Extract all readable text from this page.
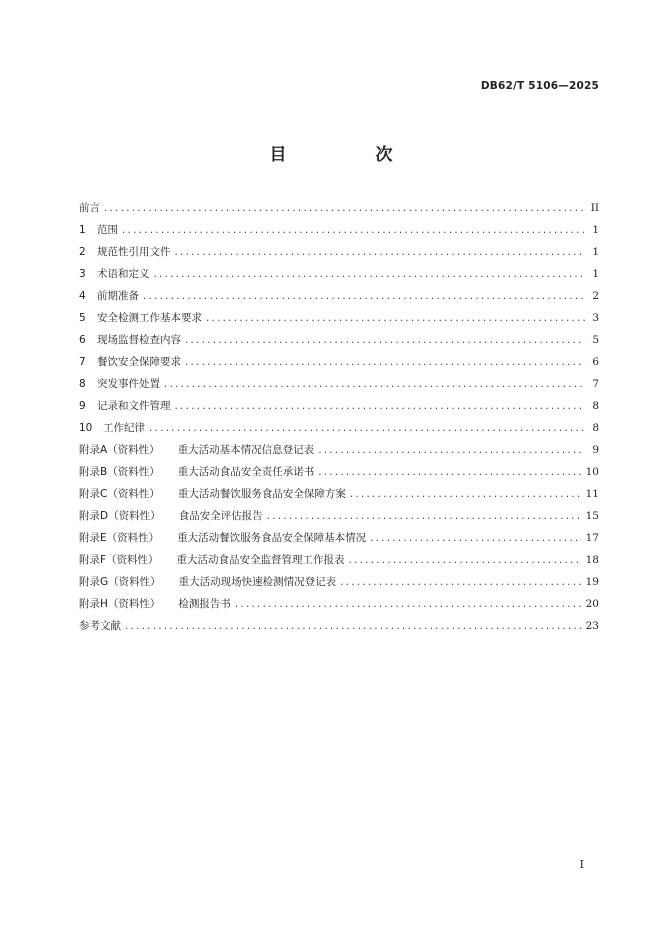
DB62/T 5106—2025
目　次
前言 .....	II
1 范围 .....	1
2 规范性引用文件 .....	1
3 术语和定义 .....	1
4 前期准备 .....	2
5 安全检测工作基本要求 .....	3
6 现场监督检查内容 .....	5
7 餐饮安全保障要求 .....	6
8 突发事件处置 .....	7
9 记录和文件管理 .....	8
10 工作纪律 .....	8
附录A（资料性） 重大活动基本情况信息登记表 .....	9
附录B（资料性） 重大活动食品安全责任承诺书 .....	10
附录C（资料性） 重大活动餐饮服务食品安全保障方案 .....	11
附录D（资料性） 食品安全评估报告 .....	15
附录E（资料性） 重大活动餐饮服务食品安全保障基本情况 .....	17
附录F（资料性） 重大活动食品安全监督管理工作报表 .....	18
附录G（资料性） 重大活动现场快速检测情况登记表 .....	19
附录H（资料性） 检测报告书 .....	20
参考文献 .....	23
I
